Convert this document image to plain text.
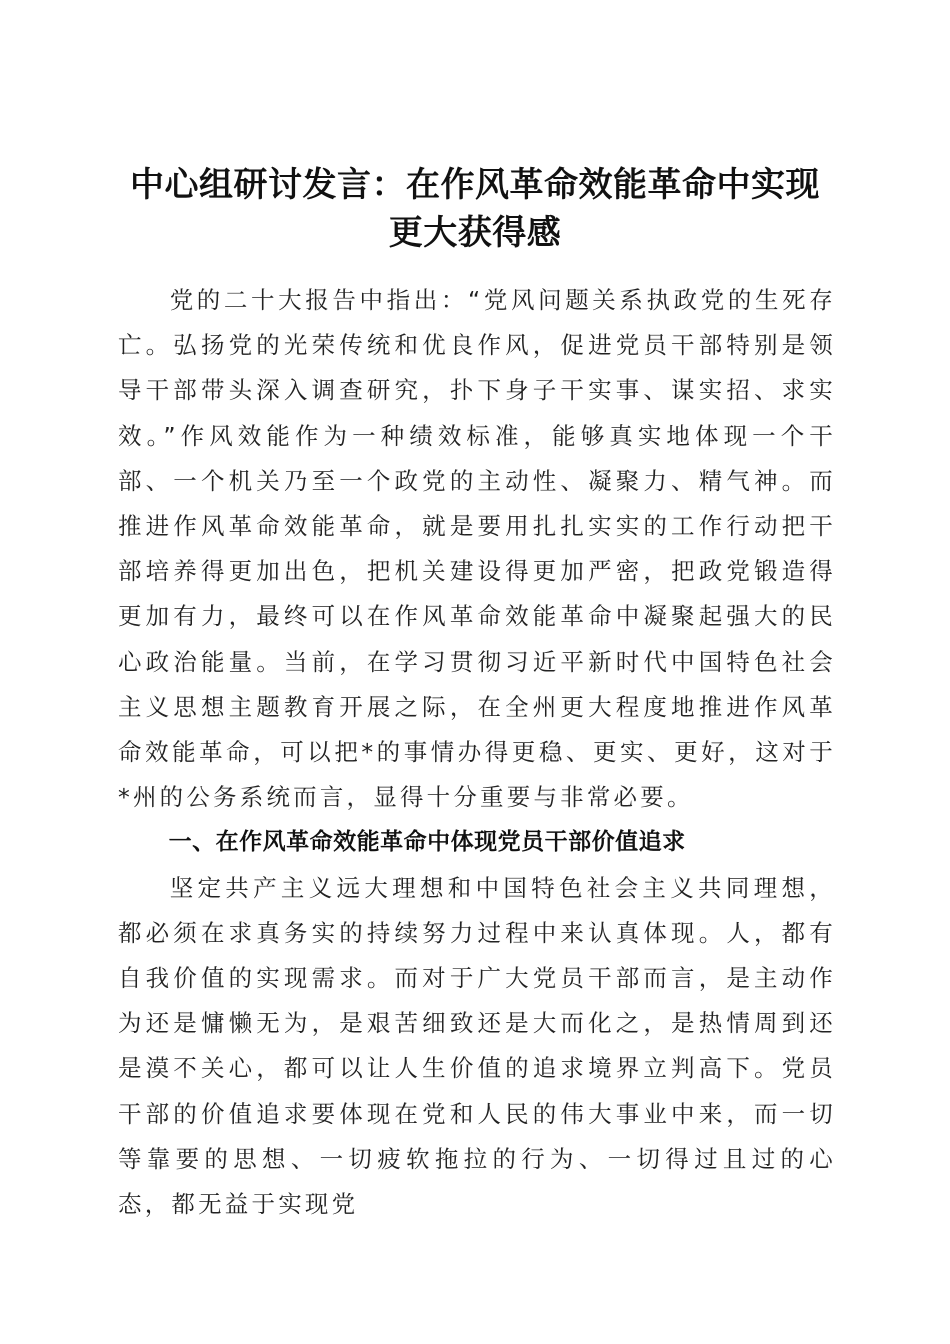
中心组研讨发言：在作风革命效能革命中实现
更大获得感

党的二十大报告中指出：“党风问题关系执政党的生死存亡。弘扬党的光荣传统和优良作风，促进党员干部特别是领导干部带头深入调查研究，扑下身子干实事、谋实招、求实效。”作风效能作为一种绩效标准，能够真实地体现一个干部、一个机关乃至一个政党的主动性、凝聚力、精气神。而推进作风革命效能革命，就是要用扎扎实实的工作行动把干部培养得更加出色，把机关建设得更加严密，把政党锻造得更加有力，最终可以在作风革命效能革命中凝聚起强大的民心政治能量。当前，在学习贯彻习近平新时代中国特色社会主义思想主题教育开展之际，在全州更大程度地推进作风革命效能革命，可以把*的事情办得更稳、更实、更好，这对于*州的公务系统而言，显得十分重要与非常必要。

一、在作风革命效能革命中体现党员干部价值追求

坚定共产主义远大理想和中国特色社会主义共同理想，都必须在求真务实的持续努力过程中来认真体现。人，都有自我价值的实现需求。而对于广大党员干部而言，是主动作为还是慵懒无为，是艰苦细致还是大而化之，是热情周到还是漠不关心，都可以让人生价值的追求境界立判高下。党员干部的价值追求要体现在党和人民的伟大事业中来，而一切等靠要的思想、一切疲软拖拉的行为、一切得过且过的心态，都无益于实现党
